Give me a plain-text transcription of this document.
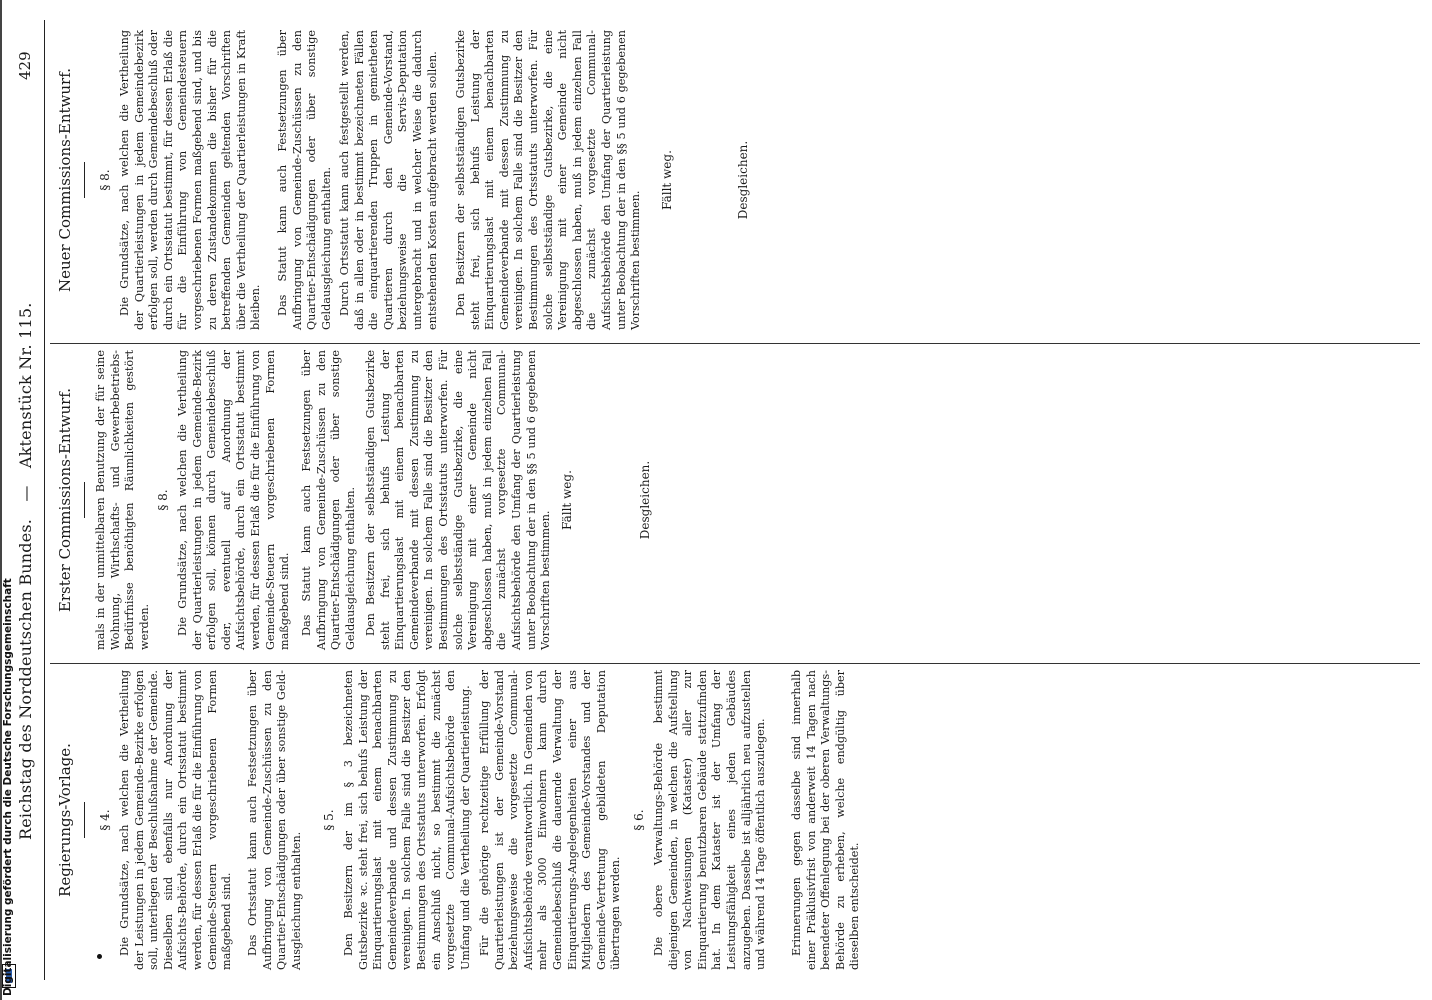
Reichstag des Norddeutschen Bundes. — Aktenstück Nr. 115.
429
Regierungs-Vorlage.
Erster Commissions-Entwurf.
Neuer Commissions-Entwurf.
§ 4. Die Grundsätze, nach welchen die Vertheilung der Leistungen in jedem Gemeinde-Bezirke erfolgen soll, unterliegen der Beschlußnahme der Gemeinde. Dieselben sind ebenfalls nur Anordnung der Aufsichts-Behörde, durch ein Ortsstatut bestimmt werden, für dessen Erlaß die für die Einführung von Gemeinde-Steuern vorgeschriebenen Formen maßgebend sind. Das Ortsstatut kann auch Festsetzungen über Aufbringung von Gemeinde-Zuschüssen zu den Quartier-Entschädigungen oder über sonstige Geld-Ausgleichung enthalten.

§ 5. Den Besitzern der im § 3 bezeichneten Gutsbezirke ꝛc. steht frei, sich behufs Leistung der Einquartierungslast mit einem benachbarten Gemeindeverbande und dessen Zustimmung zu vereinigen. In solchem Falle sind die Besitzer den Bestimmungen des Ortsstatuts unterworfen. Erfolgt ein Anschluß nicht, so bestimmt die zunächst vorgesetzte Communal-Aufsichtsbehörde den Umfang und die Vertheilung der Quartierleistung. Für die gehörige rechtzeitige Erfüllung der Quartierleistungen ist der Gemeinde-Vorstand beziehungsweise die vorgesetzte Communal-Aufsichtsbehörde verantwortlich. In Gemeinden von mehr als 3000 Einwohnern kann durch Gemeindebeschluß die dauernde Verwaltung der Einquartierungs-Angelegenheiten einer aus Mitgliedern des Gemeinde-Vorstandes und der Gemeinde-Vertretung gebildeten Deputation übertragen werden.

§ 6. Die obere Verwaltungs-Behörde bestimmt diejenigen Gemeinden, in welchen die Aufstellung von Nachweisungen (Kataster) aller zur Einquartierung benutzbaren Gebäude stattzufinden hat. In dem Kataster ist der Umfang der Leistungsfähigkeit eines jeden Gebäudes anzugeben. Dasselbe ist alljährlich neu aufzustellen und während 14 Tage öffentlich auszulegen. Erinnerungen gegen dasselbe sind innerhalb einer Präklusivfrist von anderweit 14 Tagen nach beendeter Offenlegung bei der oberen Verwaltungs-Behörde zu erheben, welche endgültig über dieselben entscheidet.

mals in der unmittelbaren Benutzung der für seine Wohnung, Wirthschafts- und Gewerbebetriebs-Bedürfnisse benöthigten Räumlichkeiten gestört werden.

§ 8. Die Grundsätze, nach welchen die Vertheilung der Quartierleistungen in jedem Gemeinde-Bezirk erfolgen soll, können durch Gemeindebeschluß oder, eventuell auf Anordnung der Aufsichtsbehörde, durch ein Ortsstatut bestimmt werden, für dessen Erlaß die für die Einführung von Gemeinde-Steuern vorgeschriebenen Formen maßgebend sind. Das Statut kann auch Festsetzungen über Aufbringung von Gemeinde-Zuschüssen zu den Quartier-Entschädigungen oder über sonstige Geldausgleichung enthalten. Den Besitzern der selbstständigen Gutsbezirke steht frei, sich behufs Leistung der Einquartierungslast mit einem benachbarten Gemeindeverbande mit dessen Zustimmung zu vereinigen. In solchem Falle sind die Besitzer den Bestimmungen des Ortsstatuts unterworfen. Für solche selbstständige Gutsbezirke, die eine Vereinigung mit einer Gemeinde nicht abgeschlossen haben, muß in jedem einzelnen Fall die zunächst vorgesetzte Communal-Aufsichtsbehörde den Umfang der Quartierleistung unter Beobachtung der in den §§ 5 und 6 gegebenen Vorschriften bestimmen.

Fällt weg.	Desgleichen.
§ 8. Die Grundsätze, nach welchen die Vertheilung der Quartierleistungen in jedem Gemeindebezirk erfolgen soll, werden durch Gemeindebeschluß oder durch ein Ortsstatut bestimmt, für dessen Erlaß die für die Einführung von Gemeindesteuern vorgeschriebenen Formen maßgebend sind, und bis zu deren Zustandekommen die bisher für die betreffenden Gemeinden geltenden Vorschriften über die Vertheilung der Quartierleistungen in Kraft bleiben. Das Statut kann auch Festsetzungen über Aufbringung von Gemeinde-Zuschüssen zu den Quartier-Entschädigungen oder über sonstige Geldausgleichung enthalten. Durch Ortsstatut kann auch festgestellt werden, daß in allen oder in bestimmt bezeichneten Fällen die einquartierenden Truppen in gemietheten Quartieren durch den Gemeinde-Vorstand, beziehungsweise die Servis-Deputation untergebracht und in welcher Weise die dadurch entstehenden Kosten aufgebracht werden sollen. Den Besitzern der selbstständigen Gutsbezirke steht frei, sich behufs Leistung der Einquartierungslast mit einem benachbarten Gemeindeverbande mit dessen Zustimmung zu vereinigen. In solchem Falle sind die Besitzer den Bestimmungen des Ortsstatuts unterworfen. Für solche selbstständige Gutsbezirke, die eine Vereinigung mit einer Gemeinde nicht abgeschlossen haben, muß in jedem einzelnen Fall die zunächst vorgesetzte Communal-Aufsichtsbehörde den Umfang der Quartierleistung unter Beobachtung der in den §§ 5 und 6 gegebenen Vorschriften bestimmen.

Fällt weg.	Desgleichen.
Digitalisierung gefördert durch die Deutsche Forschungsgemeinschaft
